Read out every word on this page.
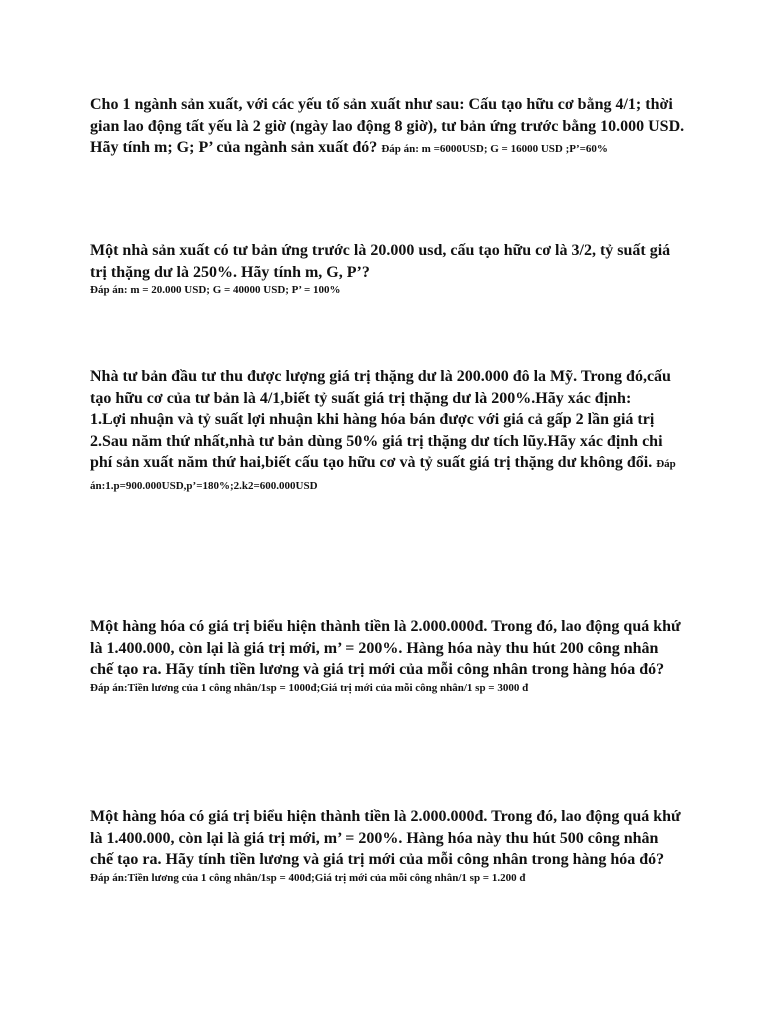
Cho 1 ngành sản xuất, với các yếu tố sản xuất như sau: Cấu tạo hữu cơ bằng 4/1; thời gian lao động tất yếu là 2 giờ (ngày lao động 8 giờ), tư bản ứng trước bằng 10.000 USD. Hãy tính m; G; P’ của ngành sản xuất đó? Đáp án: m =6000USD; G = 16000 USD ;P’=60%
Một nhà sản xuất có tư bản ứng trước là 20.000 usd, cấu tạo hữu cơ là 3/2, tỷ suất giá trị thặng dư là 250%. Hãy tính m, G, P’?
Đáp án: m = 20.000 USD; G = 40000 USD; P’ = 100%
Nhà tư bản đầu tư thu được lượng giá trị thặng dư là 200.000 đô la Mỹ. Trong đó,cấu tạo hữu cơ của tư bản là 4/1,biết tỷ suất giá trị thặng dư là 200%.Hãy xác định:
1.Lợi nhuận và tỷ suất lợi nhuận khi hàng hóa bán được với giá cả gấp 2 lần giá trị
2.Sau năm thứ nhất,nhà tư bản dùng 50% giá trị thặng dư tích lũy.Hãy xác định chi phí sản xuất năm thứ hai,biết cấu tạo hữu cơ và tỷ suất giá trị thặng dư không đổi. Đáp án:1.p=900.000USD,p’=180%;2.k2=600.000USD
Một hàng hóa có giá trị biểu hiện thành tiền là 2.000.000đ. Trong đó, lao động quá khứ là 1.400.000, còn lại là giá trị mới, m’ = 200%. Hàng hóa này thu hút 200 công nhân chế tạo ra. Hãy tính tiền lương và giá trị mới của mỗi công nhân trong hàng hóa đó?
Đáp án:Tiền lương của 1 công nhân/1sp = 1000đ;Giá trị mới của mỗi công nhân/1 sp = 3000 đ
Một hàng hóa có giá trị biểu hiện thành tiền là 2.000.000đ. Trong đó, lao động quá khứ là 1.400.000, còn lại là giá trị mới, m’ = 200%. Hàng hóa này thu hút 500 công nhân chế tạo ra. Hãy tính tiền lương và giá trị mới của mỗi công nhân trong hàng hóa đó?
Đáp án:Tiền lương của 1 công nhân/1sp = 400đ;Giá trị mới của mỗi công nhân/1 sp = 1.200 đ
